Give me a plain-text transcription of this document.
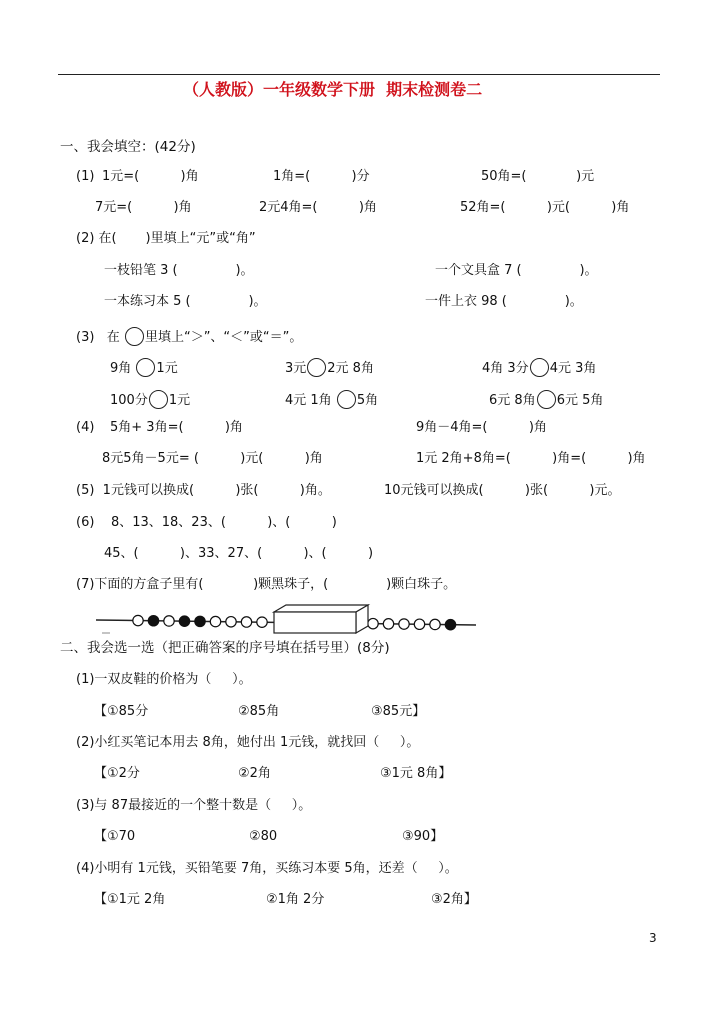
（人教版）一年级数学下册  期末检测卷二
一、我会填空：(42分)
(1) 1元=(          )角	1角=(          )分	50角=(            )元
7元=(          )角	2元4角=(          )角	52角=(          )元(          )角
(2) 在(       )里填上“元”或“角”
一枝铅笔 3 (              )。	一个文具盒 7 (              )。
一本练习本 5 (              )。	一件上衣 98 (              )。
(3)   在 里填上“＞”、“＜”或“＝”。
9角 1元	3元 2元 8角	4角 3分 4元 3角
100分 1元	4元 1角 5角	6元 8角 6元 5角
(4) 5角+ 3角=(          )角	9角－4角=(          )角
8元5角－5元= (          )元(          )角	1元 2角+8角=(          )角=(          )角
(5)  1元钱可以换成(          )张(          )角。	10元钱可以换成(          )张(          )元。
(6)    8、13、18、23、(          )、(          )
45、(          )、33、27、(          )、(          )
(7)下面的方盒子里有(            )颗黑珠子，(              )颗白珠子。
二、我会选一选（把正确答案的序号填在括号里）(8分)
(1)一双皮鞋的价格为（     ）。
【①85分	②85角	③85元】
(2)小红买笔记本用去 8角，她付出 1元钱，就找回（     ）。
【①2分	②2角	③1元 8角】
(3)与 87最接近的一个整十数是（     ）。
【①70	②80	③90】
(4)小明有 1元钱，买铅笔要 7角，买练习本要 5角，还差（     ）。
【①1元 2角	②1角 2分	③2角】
3
